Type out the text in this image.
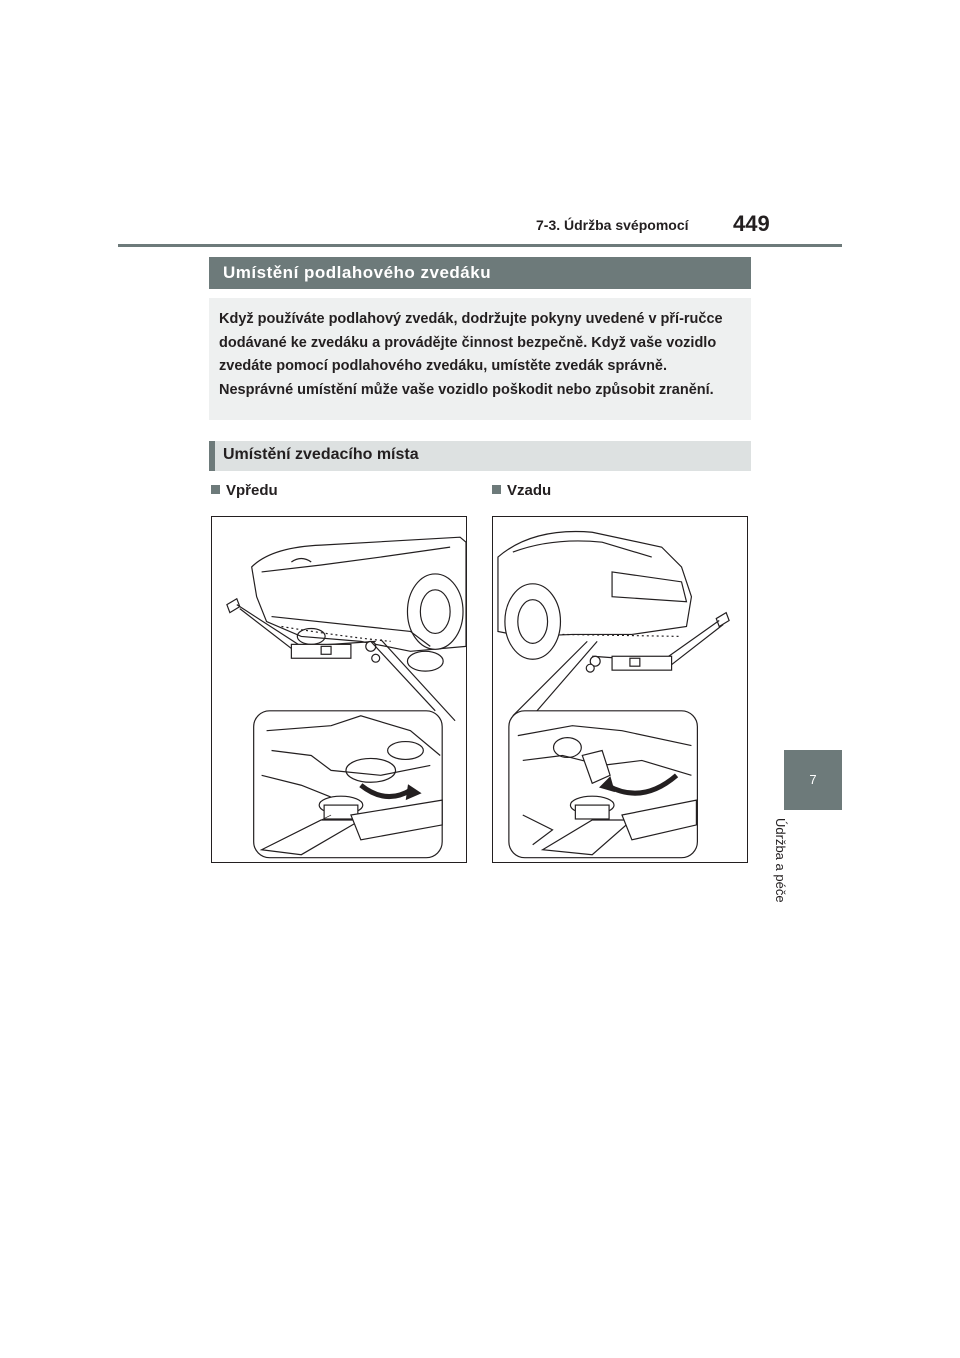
7-3. Údržba svépomocí 449
7
Údržba a péče
Umístění podlahového zvedáku

Když používáte podlahový zvedák, dodržujte pokyny uvedené v pří-ručce dodávané ke zvedáku a provádějte činnost bezpečně. Když vaše vozidlo zvedáte pomocí podlahového zvedáku, umístěte zvedák správně. Nesprávné umístění může vaše vozidlo poškodit nebo způsobit zranění.

Umístění zvedacího místa
Vpředu	Vzadu
